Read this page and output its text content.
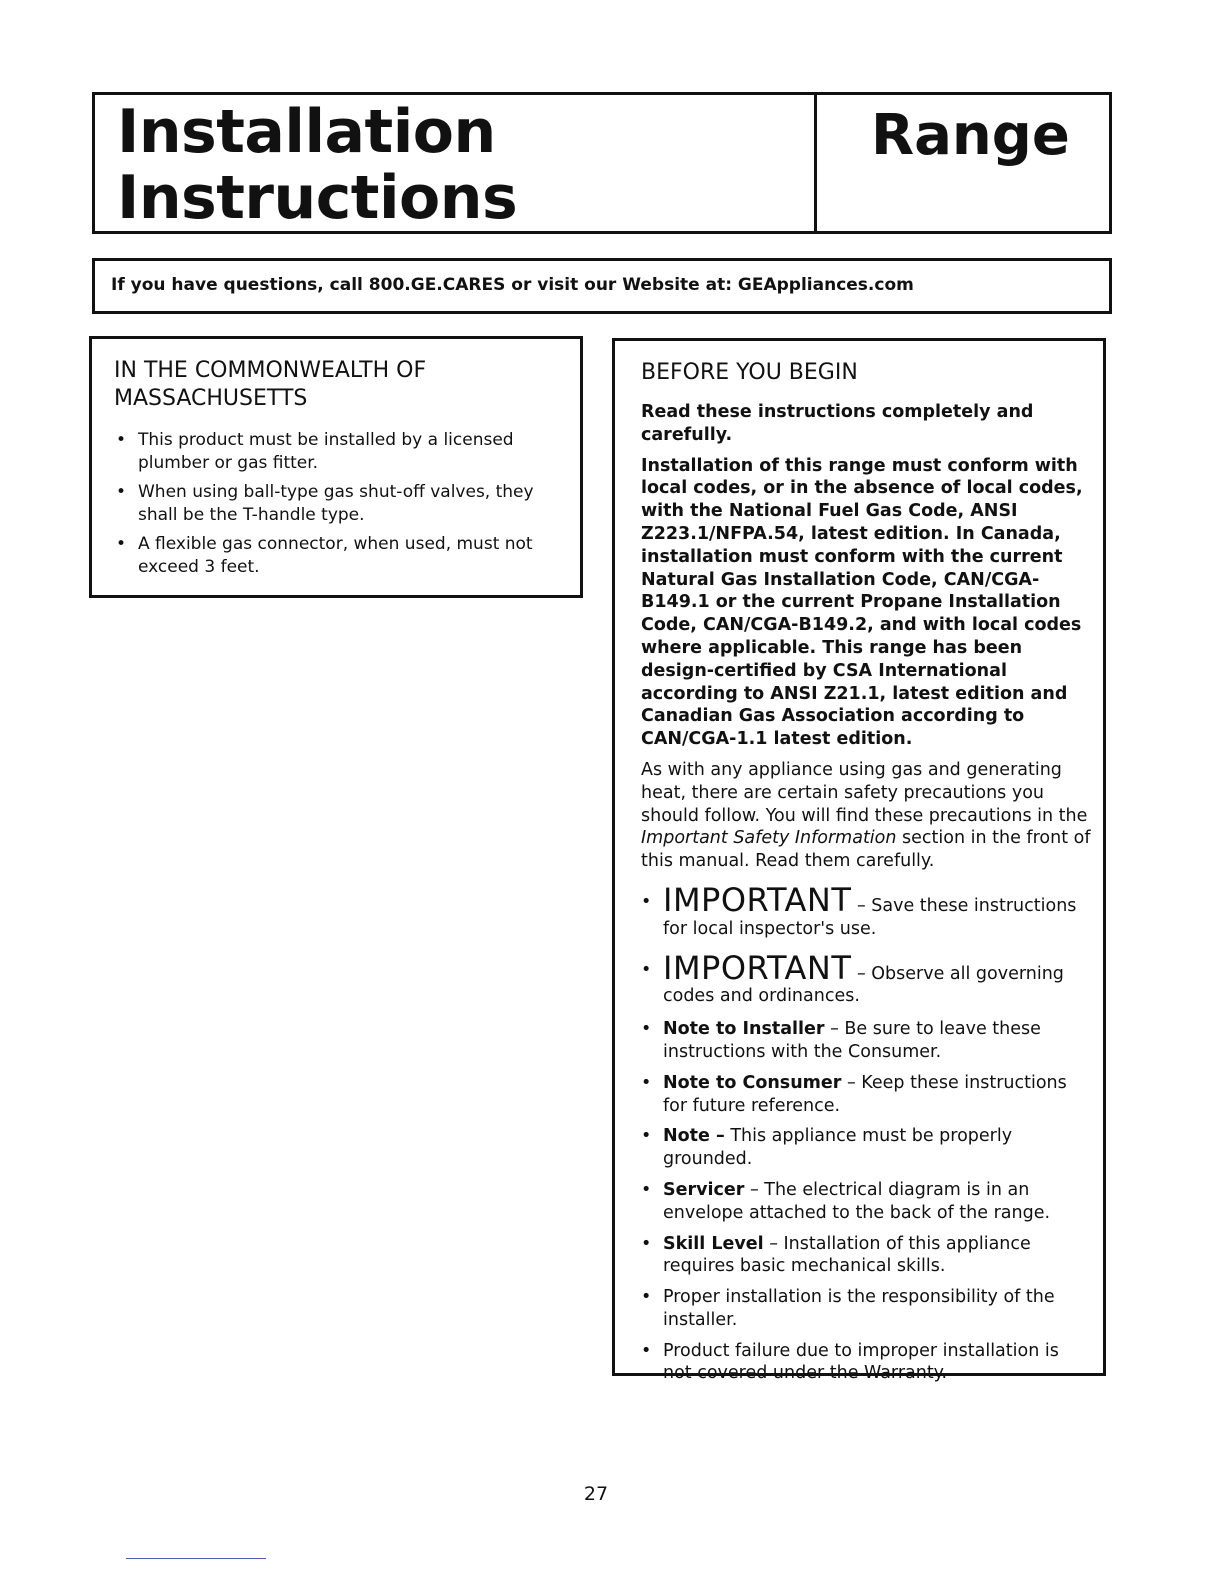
Installation
Instructions
Range
If you have questions, call 800.GE.CARES or visit our Website at: GEAppliances.com
IN THE COMMONWEALTH OF
MASSACHUSETTS
• This product must be installed by a licensed plumber or gas fitter.
• When using ball-type gas shut-off valves, they shall be the T-handle type.
• A flexible gas connector, when used, must not exceed 3 feet.
BEFORE YOU BEGIN

Read these instructions completely and carefully.

Installation of this range must conform with local codes, or in the absence of local codes, with the National Fuel Gas Code, ANSI Z223.1/NFPA.54, latest edition. In Canada, installation must conform with the current Natural Gas Installation Code, CAN/CGA-B149.1 or the current Propane Installation Code, CAN/CGA-B149.2, and with local codes where applicable. This range has been design-certified by CSA International according to ANSI Z21.1, latest edition and Canadian Gas Association according to CAN/CGA-1.1 latest edition.

As with any appliance using gas and generating heat, there are certain safety precautions you should follow. You will find these precautions in the Important Safety Information section in the front of this manual. Read them carefully.

• IMPORTANT – Save these instructions for local inspector's use.
• IMPORTANT – Observe all governing codes and ordinances.
• Note to Installer – Be sure to leave these instructions with the Consumer.
• Note to Consumer – Keep these instructions for future reference.
• Note – This appliance must be properly grounded.
• Servicer – The electrical diagram is in an envelope attached to the back of the range.
• Skill Level – Installation of this appliance requires basic mechanical skills.
• Proper installation is the responsibility of the installer.
• Product failure due to improper installation is not covered under the Warranty.
27
